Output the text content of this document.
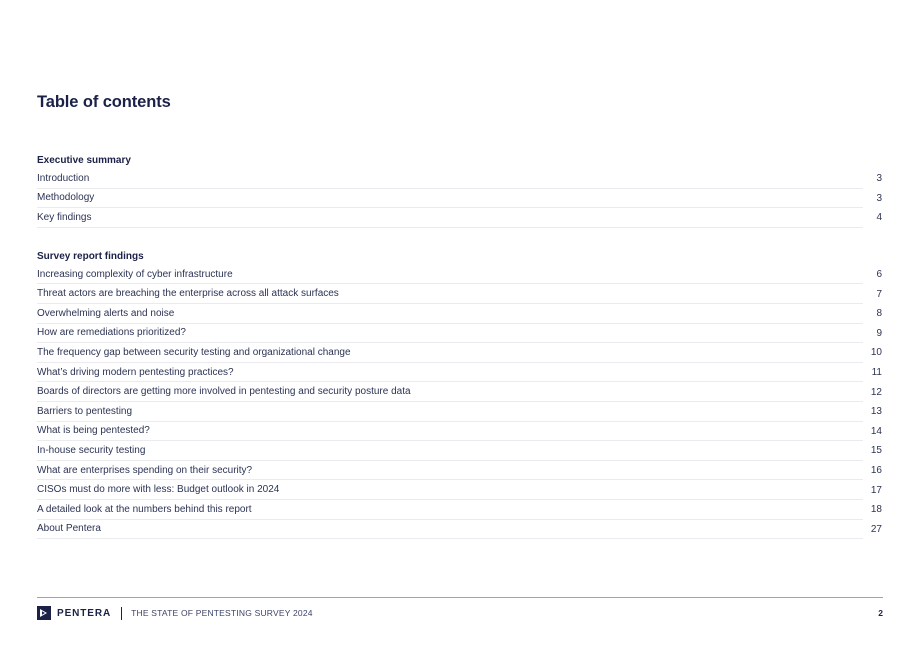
Table of contents
Executive summary
Introduction	3
Methodology	3
Key findings	4
Survey report findings
Increasing complexity of cyber infrastructure	6
Threat actors are breaching the enterprise across all attack surfaces	7
Overwhelming alerts and noise	8
How are remediations prioritized?	9
The frequency gap between security testing and organizational change	10
What’s driving modern pentesting practices?	11
Boards of directors are getting more involved in pentesting and security posture data	12
Barriers to pentesting	13
What is being pentested?	14
In-house security testing	15
What are enterprises spending on their security?	16
CISOs must do more with less: Budget outlook in 2024	17
A detailed look at the numbers behind this report	18
About Pentera	27
PENTERA THE STATE OF PENTESTING SURVEY 2024	2
